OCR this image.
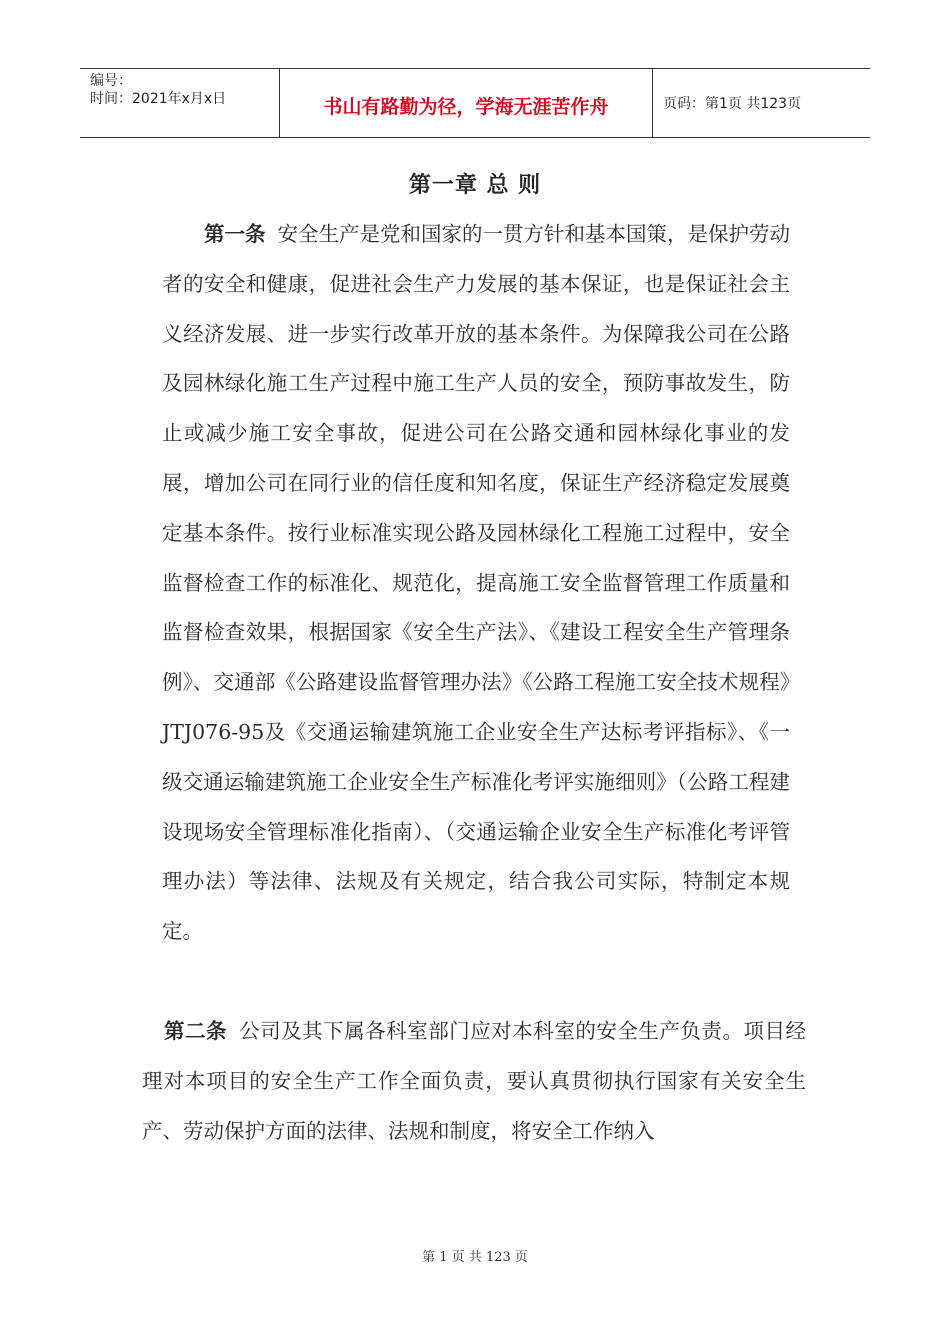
编号：
时间：2021年x月x日	书山有路勤为径，学海无涯苦作舟	页码：第1页 共123页
第一章 总 则
第一条 安全生产是党和国家的一贯方针和基本国策，是保护劳动者的安全和健康，促进社会生产力发展的基本保证，也是保证社会主义经济发展、进一步实行改革开放的基本条件。为保障我公司在公路及园林绿化施工生产过程中施工生产人员的安全，预防事故发生，防止或减少施工安全事故，促进公司在公路交通和园林绿化事业的发展，增加公司在同行业的信任度和知名度，保证生产经济稳定发展奠定基本条件。按行业标准实现公路及园林绿化工程施工过程中，安全监督检查工作的标准化、规范化，提高施工安全监督管理工作质量和监督检查效果，根据国家《安全生产法》、《建设工程安全生产管理条例》、交通部《公路建设监督管理办法》《公路工程施工安全技术规程》JTJ076-95及《交通运输建筑施工企业安全生产达标考评指标》、《一级交通运输建筑施工企业安全生产标准化考评实施细则》（公路工程建设现场安全管理标准化指南）、（交通运输企业安全生产标准化考评管理办法）等法律、法规及有关规定，结合我公司实际，特制定本规定。
第二条 公司及其下属各科室部门应对本科室的安全生产负责。项目经理对本项目的安全生产工作全面负责，要认真贯彻执行国家有关安全生产、劳动保护方面的法律、法规和制度，将安全工作纳入
第 1 页 共 123 页
